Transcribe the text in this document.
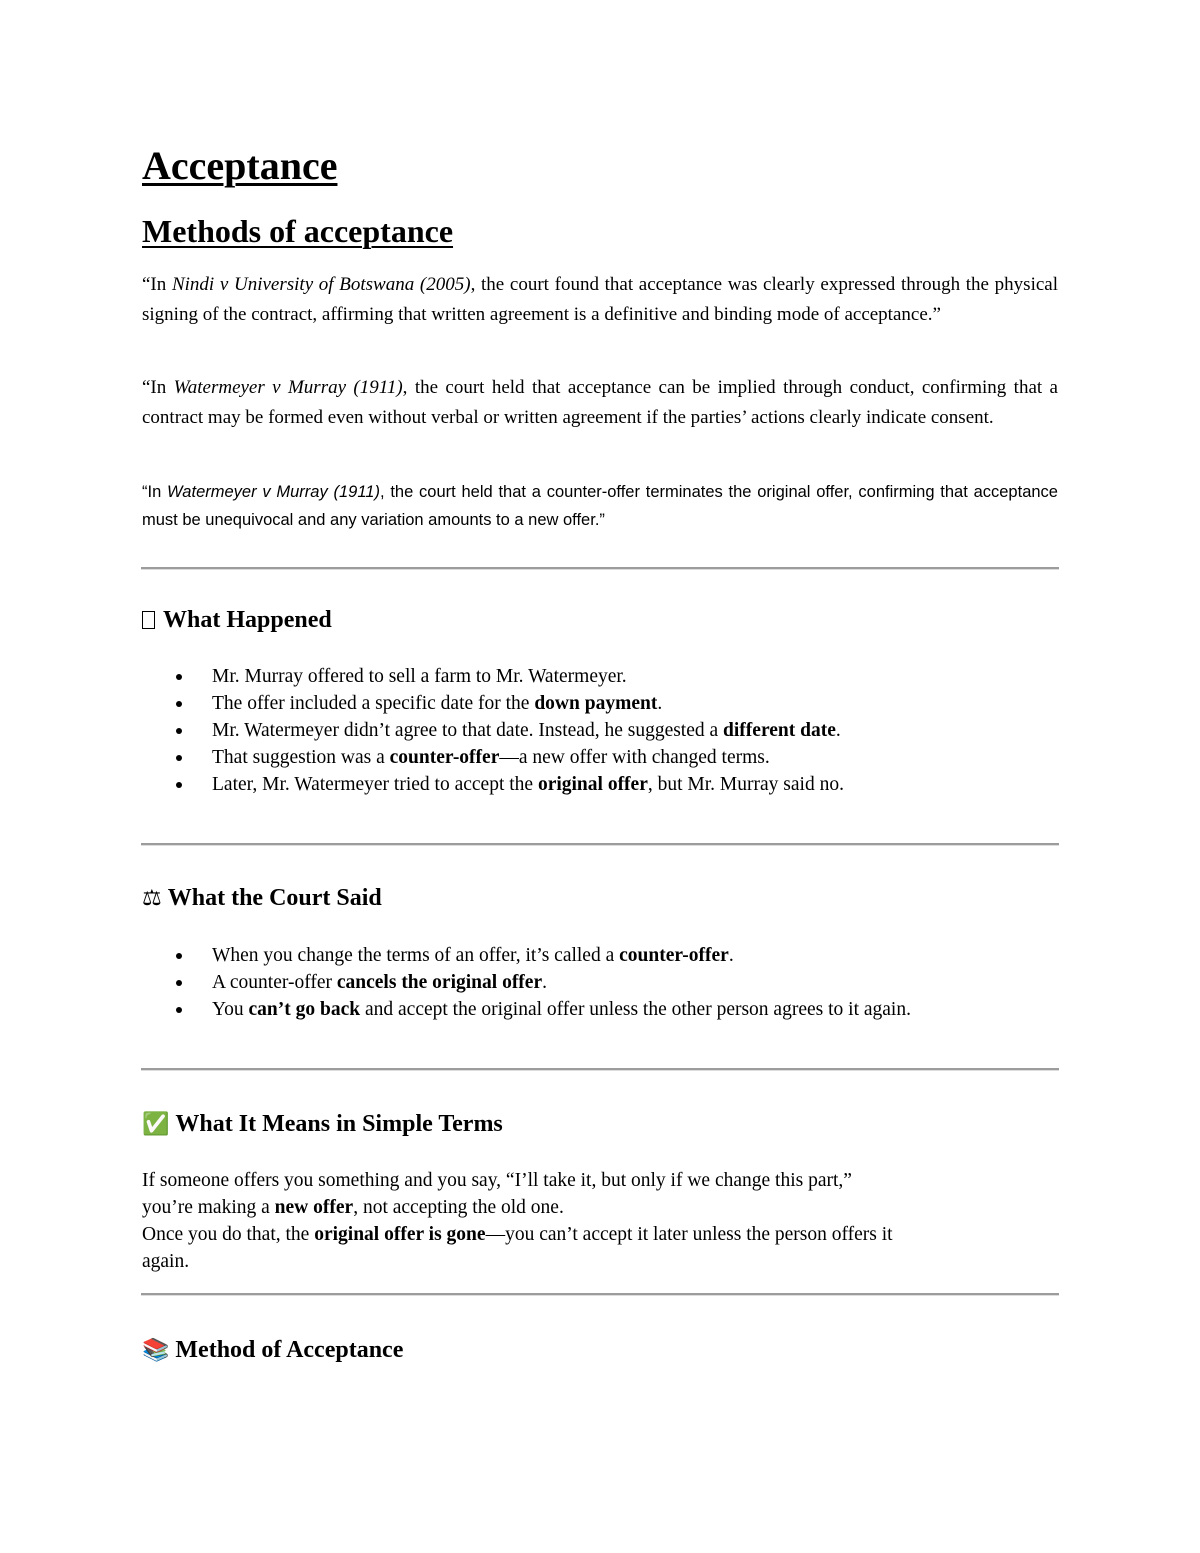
Acceptance
Methods of acceptance

“In Nindi v University of Botswana (2005), the court found that acceptance was clearly expressed through the physical signing of the contract, affirming that written agreement is a definitive and binding mode of acceptance.”

“In Watermeyer v Murray (1911), the court held that acceptance can be implied through conduct, confirming that a contract may be formed even without verbal or written agreement if the parties’ actions clearly indicate consent.

“In Watermeyer v Murray (1911), the court held that a counter-offer terminates the original offer, confirming that acceptance must be unequivocal and any variation amounts to a new offer.”

What Happened
Mr. Murray offered to sell a farm to Mr. Watermeyer.
The offer included a specific date for the down payment.
Mr. Watermeyer didn’t agree to that date. Instead, he suggested a different date.
That suggestion was a counter-offer—a new offer with changed terms.
Later, Mr. Watermeyer tried to accept the original offer, but Mr. Murray said no.
⚖ What the Court Said
When you change the terms of an offer, it’s called a counter-offer.
A counter-offer cancels the original offer.
You can’t go back and accept the original offer unless the other person agrees to it again.
✅ What It Means in Simple Terms
If someone offers you something and you say, “I’ll take it, but only if we change this part,”
you’re making a new offer, not accepting the old one.
Once you do that, the original offer is gone—you can’t accept it later unless the person offers it
again.
📚 Method of Acceptance
